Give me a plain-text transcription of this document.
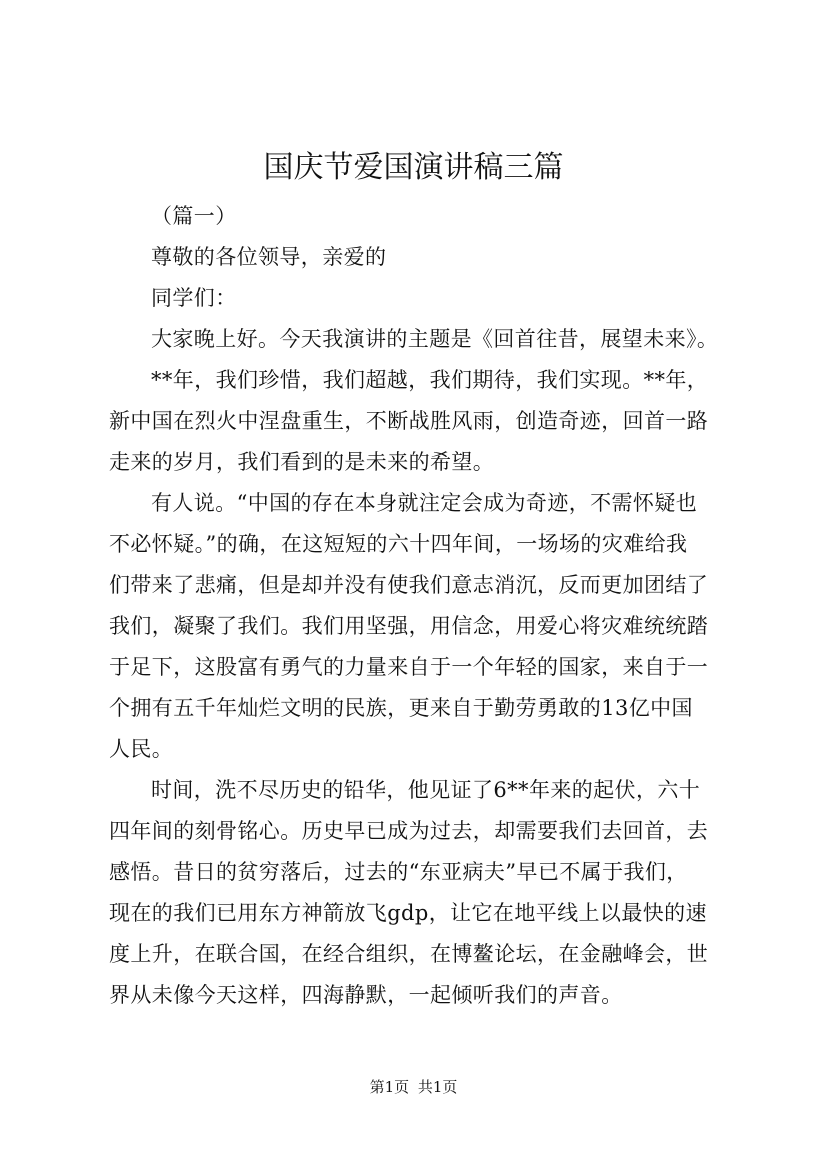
国庆节爱国演讲稿三篇
（篇一）
尊敬的各位领导，亲爱的
同学们：
大家晚上好。今天我演讲的主题是《回首往昔，展望未来》。
**年，我们珍惜，我们超越，我们期待，我们实现。**年，
新中国在烈火中涅盘重生，不断战胜风雨，创造奇迹，回首一路
走来的岁月，我们看到的是未来的希望。
有人说。“中国的存在本身就注定会成为奇迹，不需怀疑也
不必怀疑。”的确，在这短短的六十四年间，一场场的灾难给我
们带来了悲痛，但是却并没有使我们意志消沉，反而更加团结了
我们，凝聚了我们。我们用坚强，用信念，用爱心将灾难统统踏
于足下，这股富有勇气的力量来自于一个年轻的国家，来自于一
个拥有五千年灿烂文明的民族，更来自于勤劳勇敢的13亿中国
人民。
时间，洗不尽历史的铅华，他见证了6**年来的起伏，六十
四年间的刻骨铭心。历史早已成为过去，却需要我们去回首，去
感悟。昔日的贫穷落后，过去的“东亚病夫”早已不属于我们，
现在的我们已用东方神箭放飞gdp，让它在地平线上以最快的速
度上升，在联合国，在经合组织，在博鳌论坛，在金融峰会，世
界从未像今天这样，四海静默，一起倾听我们的声音。
第1页 共1页
